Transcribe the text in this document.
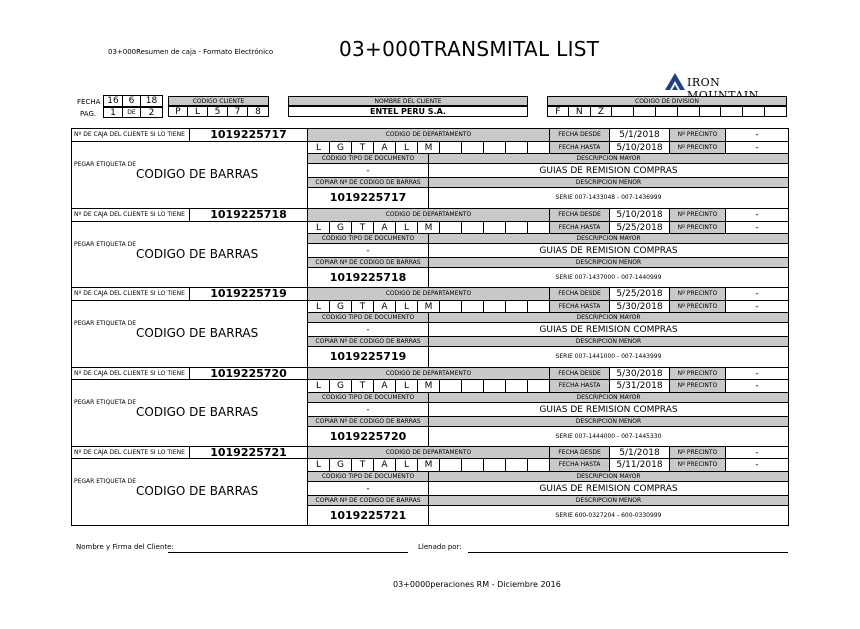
03+000Resumen de caja - Formato Electrónico	03+000TRANSMITAL LIST
IRON
FECHA 16	6	18
PAG.	1	DE	2
CODIGO CLIENTE
P	L	5	7	8
NOMBRE DEL CLIENTE
ENTEL PERU S.A.
CODIGO DE DIVISION
F	N	Z
Nº DE CAJA DEL CLIENTE SI LO TIENE	1019225717	CODIGO DE DEPARTAMENTO	FECHA DESDE	5/1/2018	Nº PRECINTO	-
PEGAR ETIQUETA DE
CODIGO DE BARRAS
L	G	T	A	L	M	FECHA HASTA	5/10/2018	Nº PRECINTO	-
CODIGO TIPO DE DOCUMENTO	DESCRIPCION MAYOR
-	GUIAS DE REMISION COMPRAS
COPIAR Nº DE CODIGO DE BARRAS	DESCRIPCION MENOR
1019225717	SERIE 007-1433048 - 007-1436999
Nº DE CAJA DEL CLIENTE SI LO TIENE	1019225718	CODIGO DE DEPARTAMENTO	FECHA DESDE	5/10/2018	Nº PRECINTO	-
PEGAR ETIQUETA DE
CODIGO DE BARRAS
L	G	T	A	L	M	FECHA HASTA	5/25/2018	Nº PRECINTO	-
CODIGO TIPO DE DOCUMENTO	DESCRIPCION MAYOR
-	GUIAS DE REMISION COMPRAS
COPIAR Nº DE CODIGO DE BARRAS	DESCRIPCION MENOR
1019225718	SERIE 007-1437000 - 007-1440999
Nº DE CAJA DEL CLIENTE SI LO TIENE	1019225719	CODIGO DE DEPARTAMENTO	FECHA DESDE	5/25/2018	Nº PRECINTO	-
PEGAR ETIQUETA DE
CODIGO DE BARRAS
L	G	T	A	L	M	FECHA HASTA	5/30/2018	Nº PRECINTO	-
CODIGO TIPO DE DOCUMENTO	DESCRIPCION MAYOR
-	GUIAS DE REMISION COMPRAS
COPIAR Nº DE CODIGO DE BARRAS	DESCRIPCION MENOR
1019225719	SERIE 007-1441000 - 007-1443999
Nº DE CAJA DEL CLIENTE SI LO TIENE	1019225720	CODIGO DE DEPARTAMENTO	FECHA DESDE	5/30/2018	Nº PRECINTO	-
PEGAR ETIQUETA DE
CODIGO DE BARRAS
L	G	T	A	L	M	FECHA HASTA	5/31/2018	Nº PRECINTO	-
CODIGO TIPO DE DOCUMENTO	DESCRIPCION MAYOR
-	GUIAS DE REMISION COMPRAS
COPIAR Nº DE CODIGO DE BARRAS	DESCRIPCION MENOR
1019225720	SERIE 007-1444000 - 007-1445330
Nº DE CAJA DEL CLIENTE SI LO TIENE	1019225721	CODIGO DE DEPARTAMENTO	FECHA DESDE	5/1/2018	Nº PRECINTO	-
PEGAR ETIQUETA DE
CODIGO DE BARRAS
L	G	T	A	L	M	FECHA HASTA	5/11/2018	Nº PRECINTO	-
CODIGO TIPO DE DOCUMENTO	DESCRIPCION MAYOR
-	GUIAS DE REMISION COMPRAS
COPIAR Nº DE CODIGO DE BARRAS	DESCRIPCION MENOR
1019225721	SERIE 600-0327204 - 600-0330999
Nombre y Firma del Cliente:	Llenado por:
03+0000peraciones RM - Diciembre 2016
